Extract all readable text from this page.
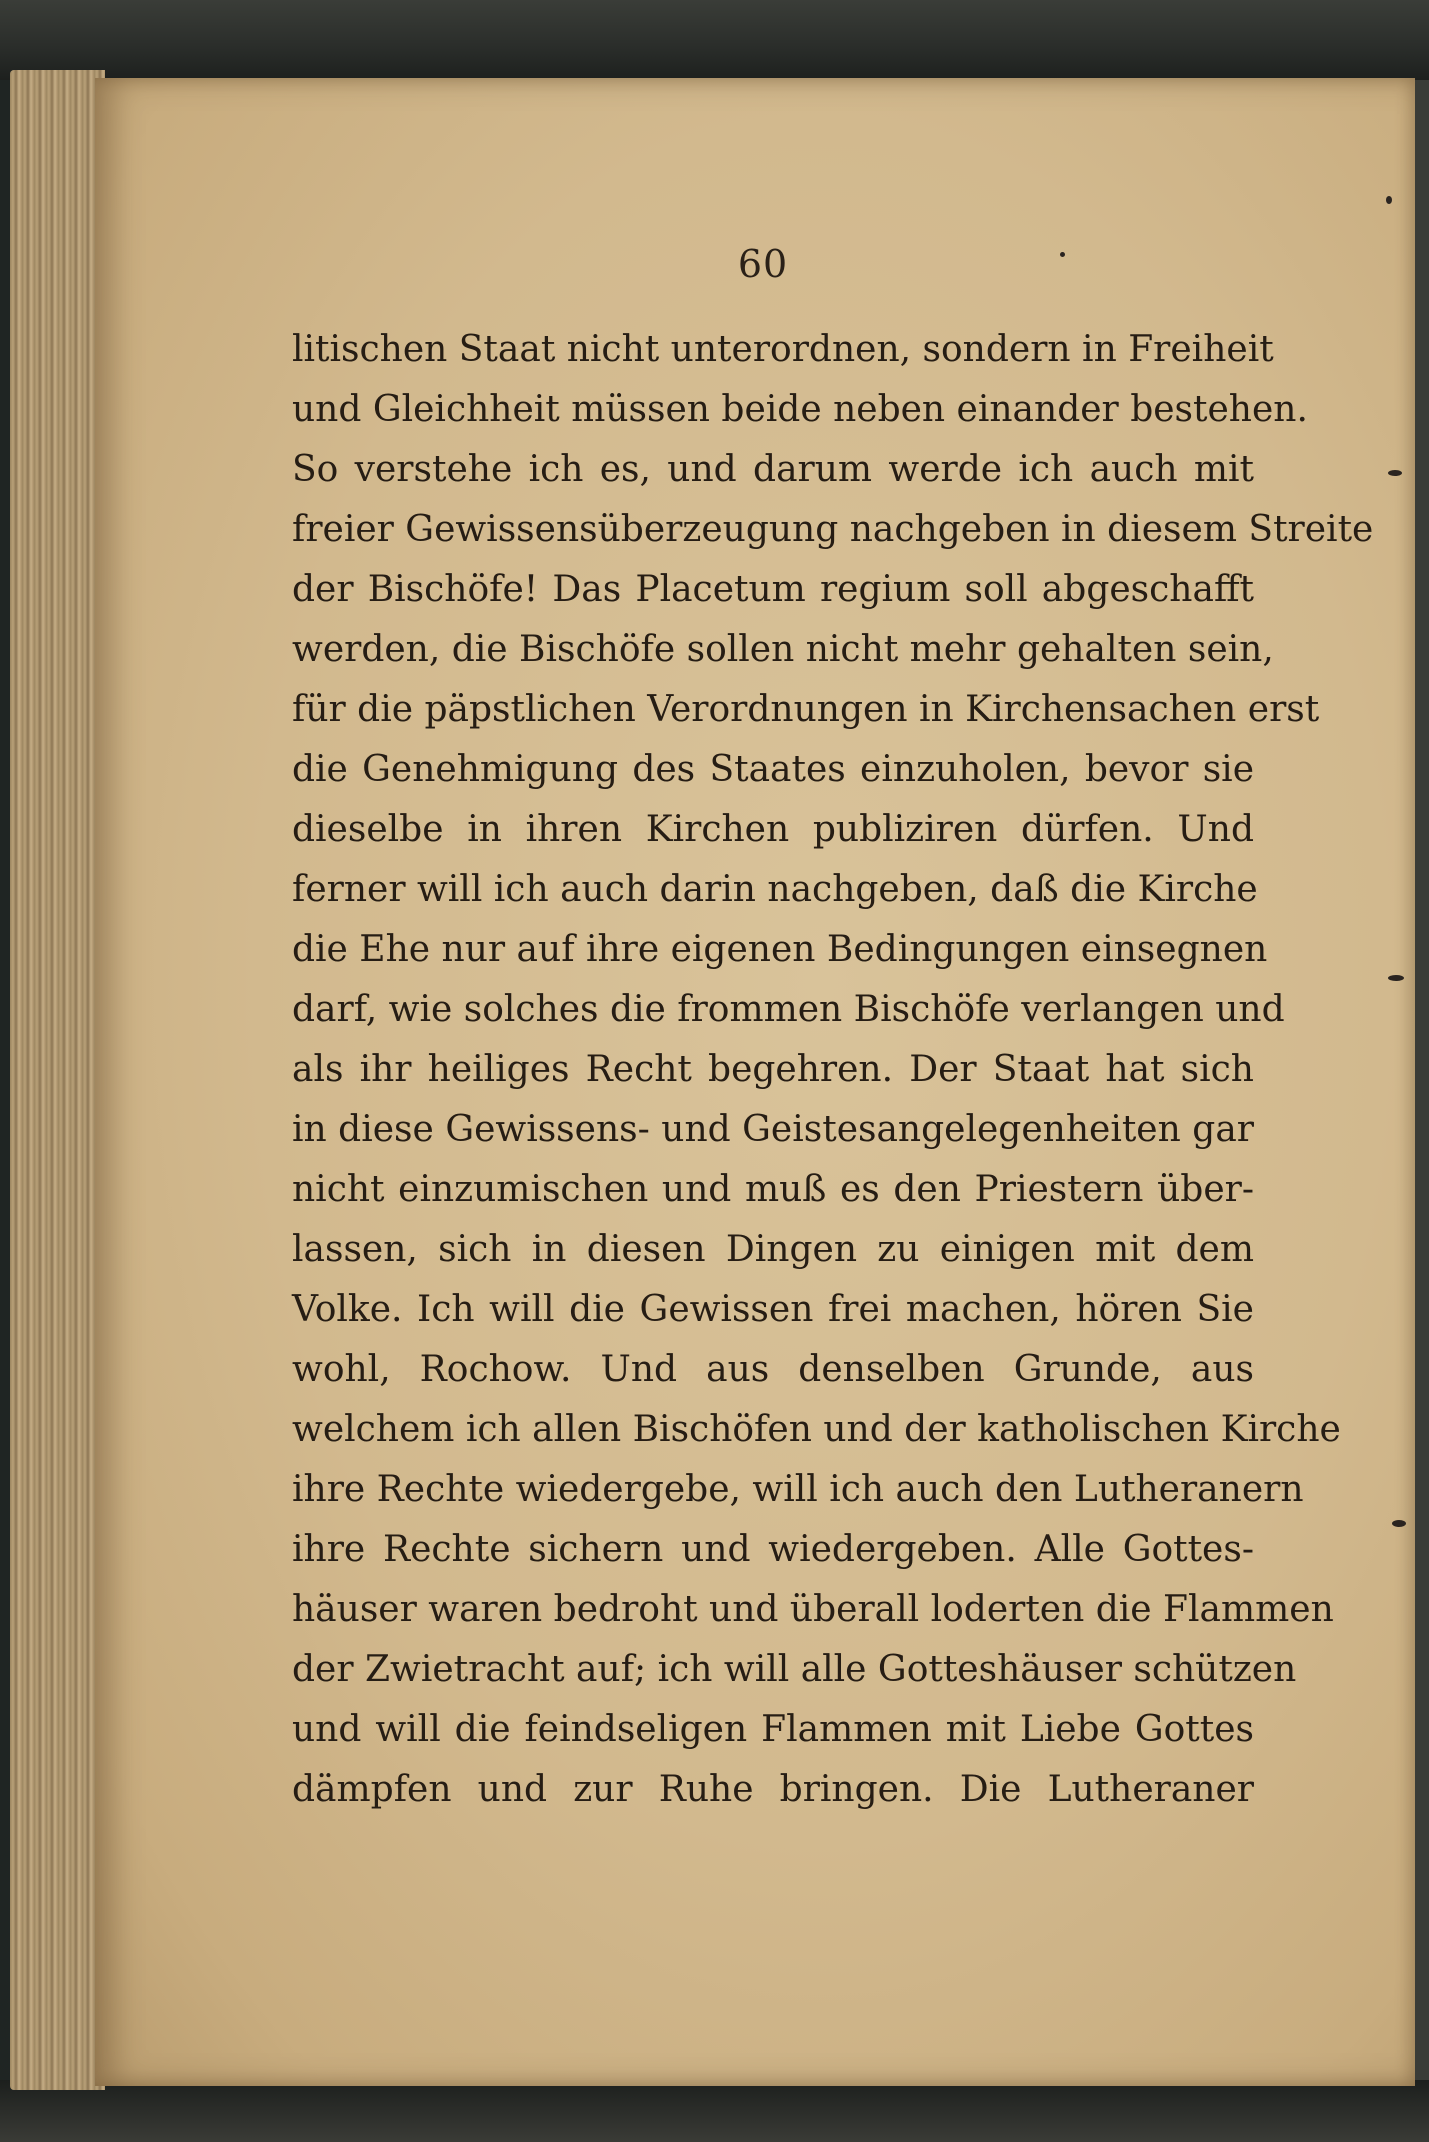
60
litischen Staat nicht unterordnen, sondern in Freiheit
und Gleichheit müssen beide neben einander bestehen.
So verstehe ich es, und darum werde ich auch mit
freier Gewissensüberzeugung nachgeben in diesem Streite
der Bischöfe! Das Placetum regium soll abgeschafft
werden, die Bischöfe sollen nicht mehr gehalten sein,
für die päpstlichen Verordnungen in Kirchensachen erst
die Genehmigung des Staates einzuholen, bevor sie
dieselbe in ihren Kirchen publiziren dürfen. Und
ferner will ich auch darin nachgeben, daß die Kirche
die Ehe nur auf ihre eigenen Bedingungen einsegnen
darf, wie solches die frommen Bischöfe verlangen und
als ihr heiliges Recht begehren. Der Staat hat sich
in diese Gewissens- und Geistesangelegenheiten gar
nicht einzumischen und muß es den Priestern über-
lassen, sich in diesen Dingen zu einigen mit dem
Volke. Ich will die Gewissen frei machen, hören Sie
wohl, Rochow. Und aus denselben Grunde, aus
welchem ich allen Bischöfen und der katholischen Kirche
ihre Rechte wiedergebe, will ich auch den Lutheranern
ihre Rechte sichern und wiedergeben. Alle Gottes-
häuser waren bedroht und überall loderten die Flammen
der Zwietracht auf; ich will alle Gotteshäuser schützen
und will die feindseligen Flammen mit Liebe Gottes
dämpfen und zur Ruhe bringen. Die Lutheraner
